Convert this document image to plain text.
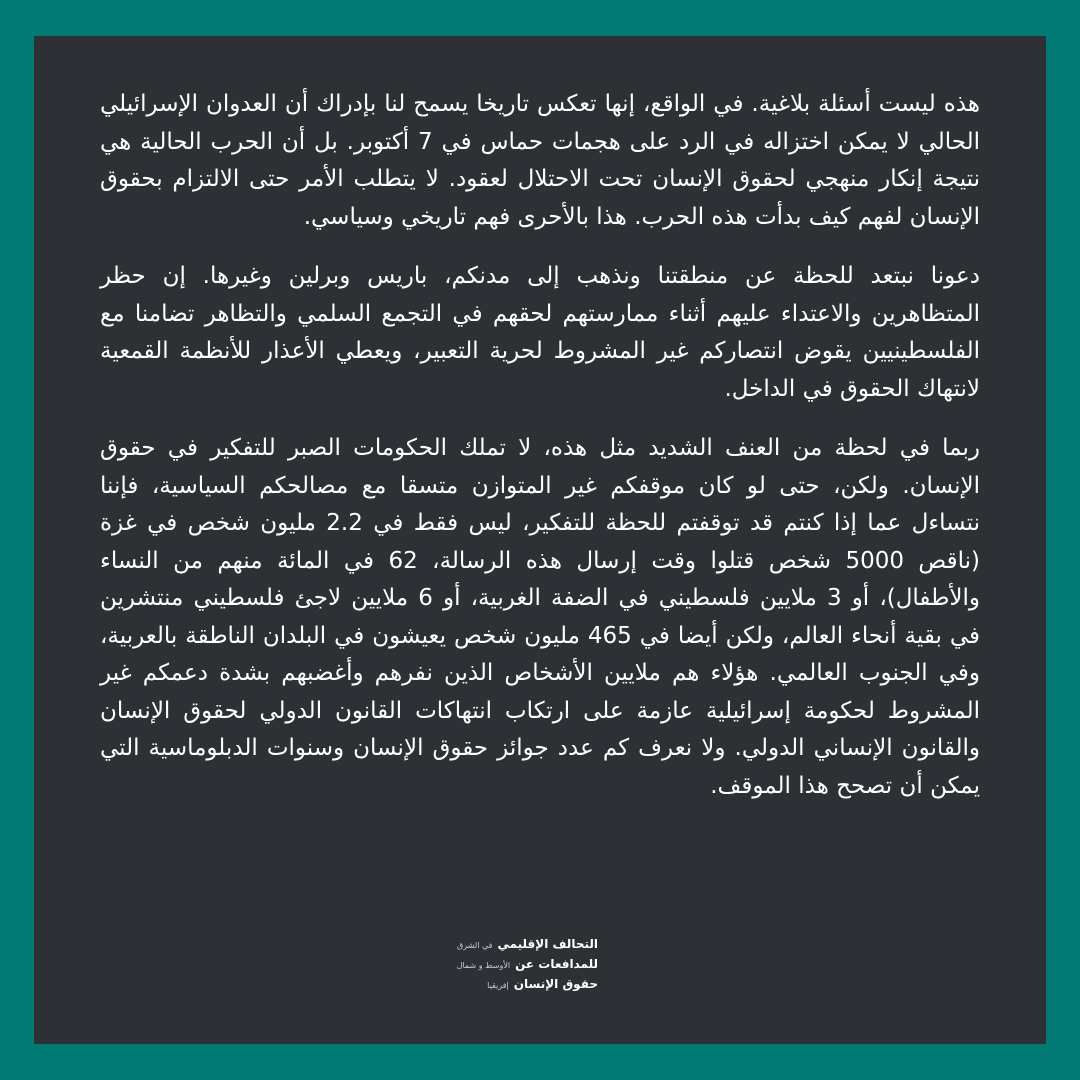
هذه ليست أسئلة بلاغية. في الواقع، إنها تعكس تاريخا يسمح لنا بإدراك أن العدوان الإسرائيلي الحالي لا يمكن اختزاله في الرد على هجمات حماس في 7 أكتوبر. بل أن الحرب الحالية هي نتيجة إنكار منهجي لحقوق الإنسان تحت الاحتلال لعقود. لا يتطلب الأمر حتى الالتزام بحقوق الإنسان لفهم كيف بدأت هذه الحرب. هذا بالأحرى فهم تاريخي وسياسي.

دعونا نبتعد للحظة عن منطقتنا ونذهب إلى مدنكم، باريس وبرلين وغيرها. إن حظر المتظاهرين والاعتداء عليهم أثناء ممارستهم لحقهم في التجمع السلمي والتظاهر تضامنا مع الفلسطينيين يقوض انتصاركم غير المشروط لحرية التعبير، ويعطي الأعذار للأنظمة القمعية لانتهاك الحقوق في الداخل.

ربما في لحظة من العنف الشديد مثل هذه، لا تملك الحكومات الصبر للتفكير في حقوق الإنسان. ولكن، حتى لو كان موقفكم غير المتوازن متسقا مع مصالحكم السياسية، فإننا نتساءل عما إذا كنتم قد توقفتم للحظة للتفكير، ليس فقط في 2.2 مليون شخص في غزة (ناقص 5000 شخص قتلوا وقت إرسال هذه الرسالة، 62 في المائة منهم من النساء والأطفال)، أو 3 ملايين فلسطيني في الضفة الغربية، أو 6 ملايين لاجئ فلسطيني منتشرين في بقية أنحاء العالم، ولكن أيضا في 465 مليون شخص يعيشون في البلدان الناطقة بالعربية، وفي الجنوب العالمي. هؤلاء هم ملايين الأشخاص الذين نفرهم وأغضبهم بشدة دعمكم غير المشروط لحكومة إسرائيلية عازمة على ارتكاب انتهاكات القانون الدولي لحقوق الإنسان والقانون الإنساني الدولي. ولا نعرف كم عدد جوائز حقوق الإنسان وسنوات الدبلوماسية التي يمكن أن تصحح هذا الموقف.

التحالف الإقليمي
في الشرق
للمدافعات عن
الأوسط و شمال
حقوق الإنسان
إفريقيا
